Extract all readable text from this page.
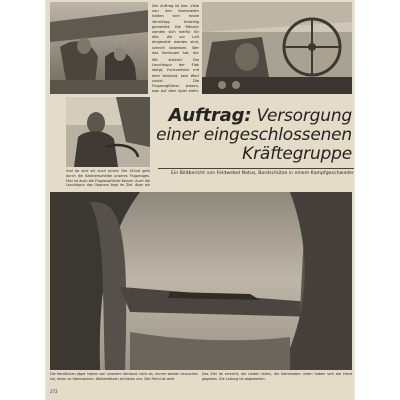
Der Auftrag ist klar. Viele von den Kameraden hatten sich heute Vormittag freiwillig gemeldet. Die Männer werden sich hierfür für alle, die zur Luft eingesetzt worden sind, schnell beweisen. Wer das Vertrauen hat, der
Wir starten! Die Leuchtspur der Flak steigt, Funkverkehr mit dem Verband, kein Wort zuviel. Die Flugzeugführer wissen, was auf dem Spiel steht.
Und da sind sie auch schon! Der Schuß geht durch die Kabinenscheibe unseres Flugzeuges. Hier ist auch die Flugzeugführer-Kanzel. Auch die Leuchtspur des Gegners liegt im Ziel. Aber wir
Auftrag: Versorgung
einer eingeschlossenen
Kräftegruppe
Ein Bildbericht von Feldwebel Natus, Bordschütze in einem Kampfgeschwader
Die feindlichen Jäger haben von unserem Verband nicht ab, immer wieder versuchen sie, einen zu überraschen. Wolkenfetzen schützen uns. Der Feind ist weit.
Das Ziel ist erreicht, die Lasten fallen, die Kameraden unten haben sich die Hand gegeben. Die Ladung ist abgeworfen.
272
